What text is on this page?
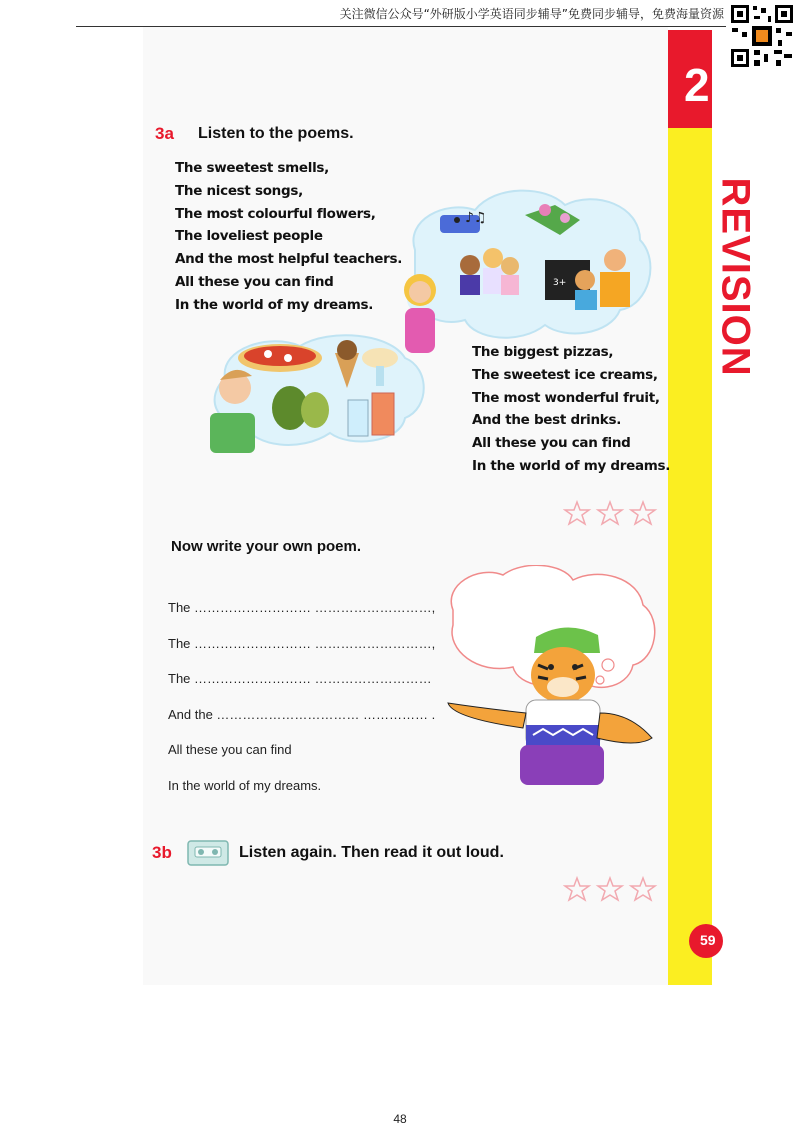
关注微信公众号“外研版小学英语同步辅导”免费同步辅导，免费海量资源
2
REVISION
59
3a Listen to the poems.
The sweetest smells,
The nicest songs,
The most colourful flowers,
The loveliest people
And the most helpful teachers.
All these you can find
In the world of my dreams.
♪♫
3+
The biggest pizzas,
The sweetest ice creams,
The most wonderful fruit,
And the best drinks.
All these you can find
In the world of my dreams.
Now write your own poem.
The ……………………… ………………………,
The ……………………… ………………………,
The ……………………… ………………………
And the …………………………… …………… .
All these you can find
In the world of my dreams.
3b	Listen again. Then read it out loud.
48
